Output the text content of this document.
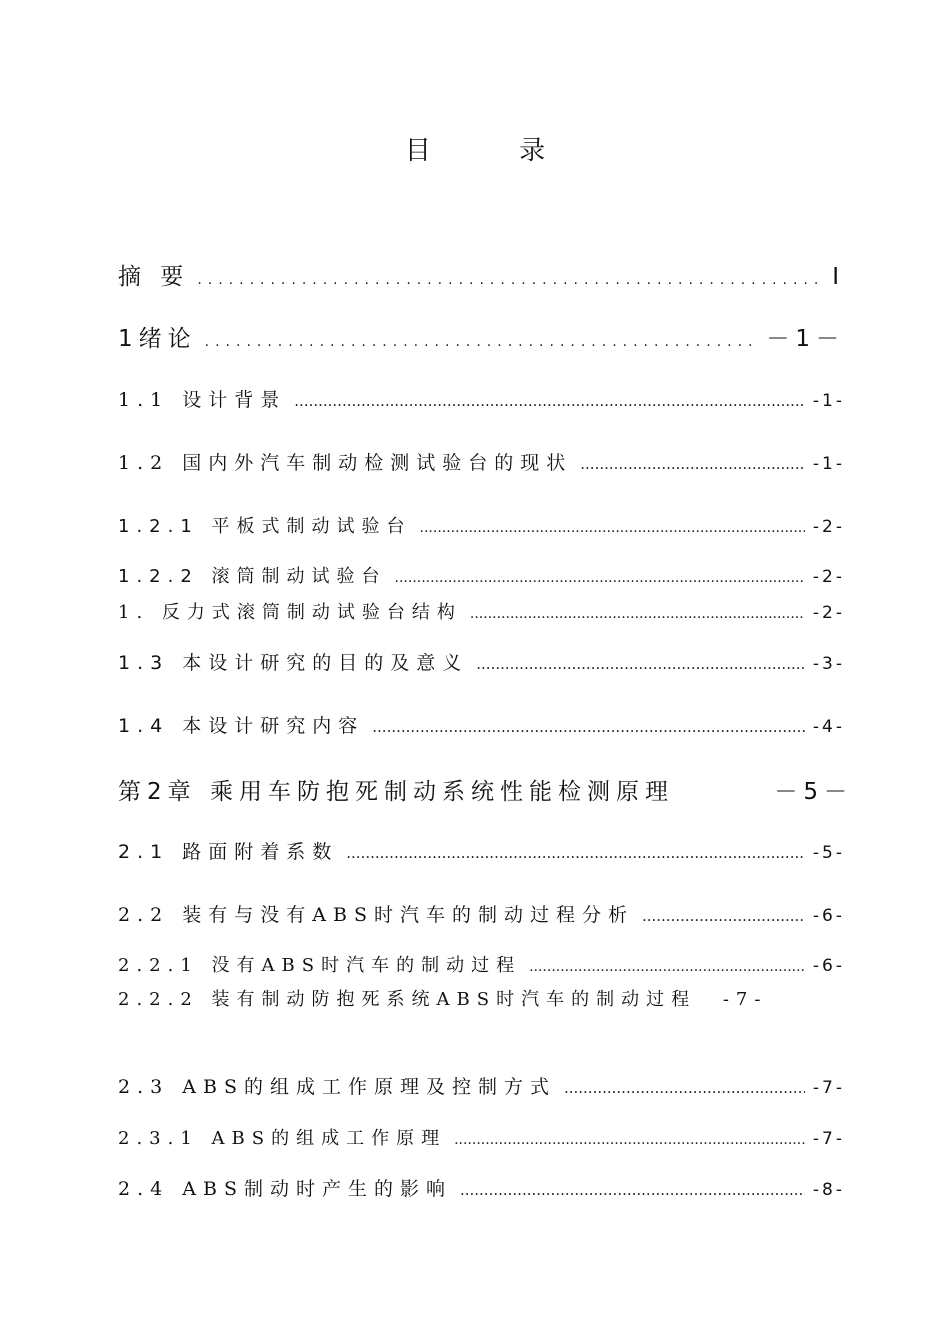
目 录
摘 要 .....	I
1绪论 .....	－1－
1.1 设计背景 .....	-1-
1.2 国内外汽车制动检测试验台的现状 .....	-1-
1.2.1 平板式制动试验台 .....	-2-
1.2.2 滚筒制动试验台 .....	-2-
1. 反力式滚筒制动试验台结构 .....	-2-
1.3 本设计研究的目的及意义 .....	-3-
1.4 本设计研究内容 .....	-4-
第2章 乘用车防抱死制动系统性能检测原理	－5－
2.1 路面附着系数 .....	-5-
2.2 装有与没有ABS时汽车的制动过程分析 .....	-6-
2.2.1 没有ABS时汽车的制动过程 .....	-6-
2.2.2 装有制动防抱死系统ABS时汽车的制动过程 -7-
2.3 ABS的组成工作原理及控制方式 .....	-7-
2.3.1 ABS的组成工作原理 .....	-7-
2.4 ABS制动时产生的影响 .....	-8-
